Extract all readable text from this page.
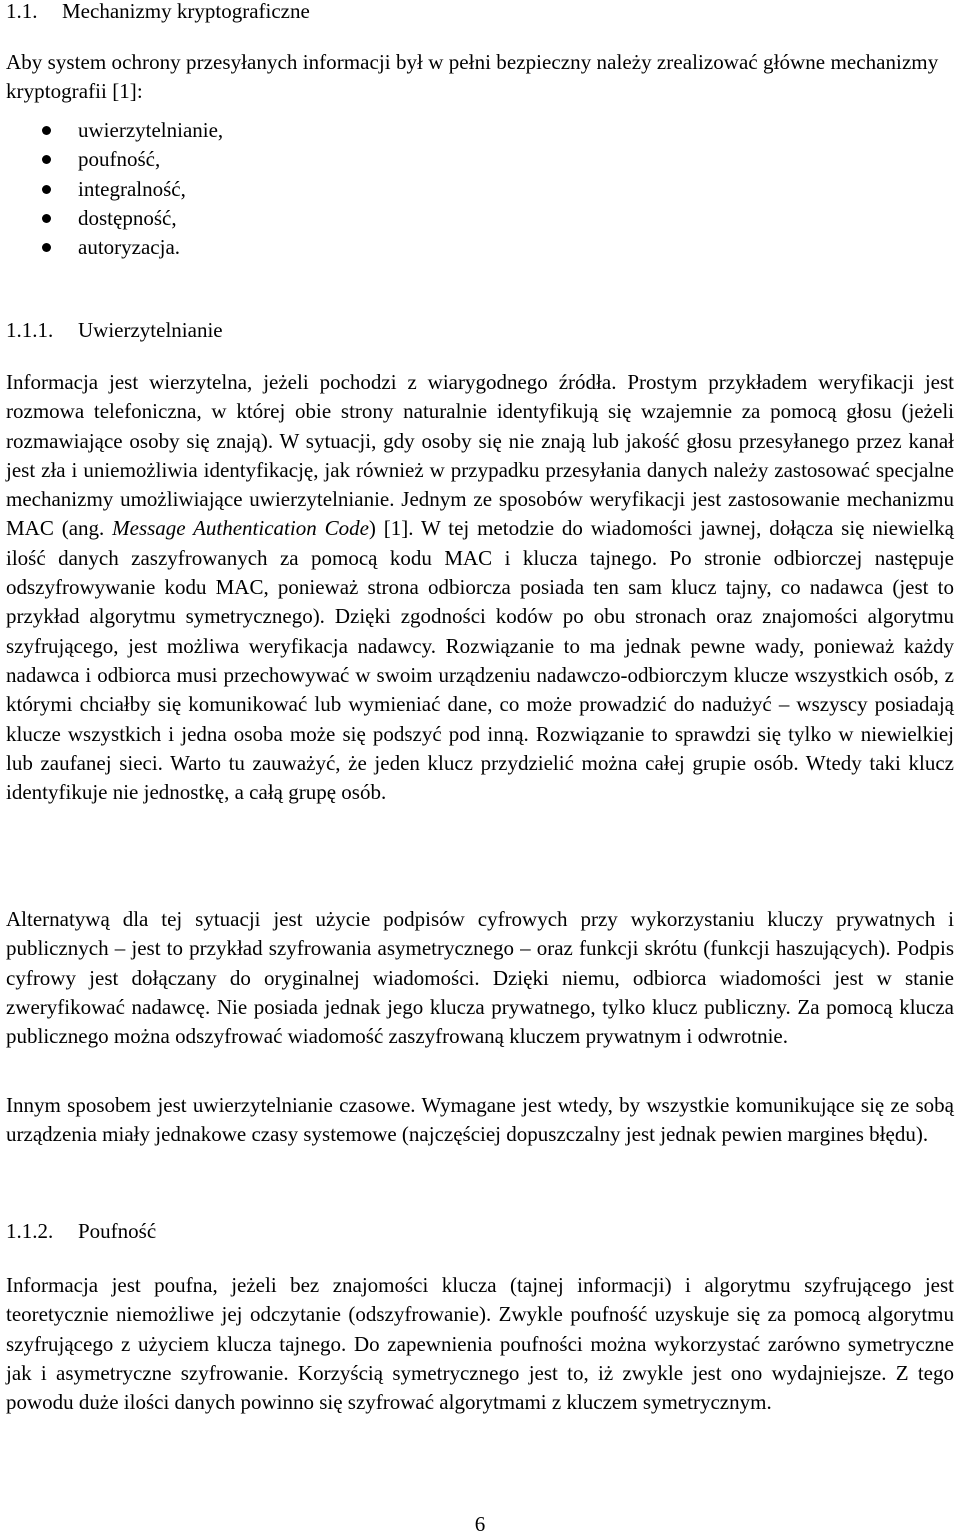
1.1. Mechanizmy kryptograficzne

Aby system ochrony przesyłanych informacji był w pełni bezpieczny należy zrealizować główne mechanizmy kryptografii [1]:

uwierzytelnianie,
poufność,
integralność,
dostępność,
autoryzacja.
1.1.1. Uwierzytelnianie

Informacja jest wierzytelna, jeżeli pochodzi z wiarygodnego źródła. Prostym przykładem weryfikacji jest rozmowa telefoniczna, w której obie strony naturalnie identyfikują się wzajemnie za pomocą głosu (jeżeli rozmawiające osoby się znają). W sytuacji, gdy osoby się nie znają lub jakość głosu przesyłanego przez kanał jest zła i uniemożliwia identyfikację, jak również w przypadku przesyłania danych należy zastosować specjalne mechanizmy umożliwiające uwierzytelnianie. Jednym ze sposobów weryfikacji jest zastosowanie mechanizmu MAC (ang. Message Authentication Code) [1]. W tej metodzie do wiadomości jawnej, dołącza się niewielką ilość danych zaszyfrowanych za pomocą kodu MAC i klucza tajnego. Po stronie odbiorczej następuje odszyfrowywanie kodu MAC, ponieważ strona odbiorcza posiada ten sam klucz tajny, co nadawca (jest to przykład algorytmu symetrycznego). Dzięki zgodności kodów po obu stronach oraz znajomości algorytmu szyfrującego, jest możliwa weryfikacja nadawcy. Rozwiązanie to ma jednak pewne wady, ponieważ każdy nadawca i odbiorca musi przechowywać w swoim urządzeniu nadawczo-odbiorczym klucze wszystkich osób, z którymi chciałby się komunikować lub wymieniać dane, co może prowadzić do nadużyć – wszyscy posiadają klucze wszystkich i jedna osoba może się podszyć pod inną. Rozwiązanie to sprawdzi się tylko w niewielkiej lub zaufanej sieci. Warto tu zauważyć, że jeden klucz przydzielić można całej grupie osób. Wtedy taki klucz identyfikuje nie jednostkę, a całą grupę osób.

Alternatywą dla tej sytuacji jest użycie podpisów cyfrowych przy wykorzystaniu kluczy prywatnych i publicznych – jest to przykład szyfrowania asymetrycznego – oraz funkcji skrótu (funkcji haszujących). Podpis cyfrowy jest dołączany do oryginalnej wiadomości. Dzięki niemu, odbiorca wiadomości jest w stanie zweryfikować nadawcę. Nie posiada jednak jego klucza prywatnego, tylko klucz publiczny. Za pomocą klucza publicznego można odszyfrować wiadomość zaszyfrowaną kluczem prywatnym i odwrotnie.

Innym sposobem jest uwierzytelnianie czasowe. Wymagane jest wtedy, by wszystkie komunikujące się ze sobą urządzenia miały jednakowe czasy systemowe (najczęściej dopuszczalny jest jednak pewien margines błędu).

1.1.2. Poufność

Informacja jest poufna, jeżeli bez znajomości klucza (tajnej informacji) i algorytmu szyfrującego jest teoretycznie niemożliwe jej odczytanie (odszyfrowanie). Zwykle poufność uzyskuje się za pomocą algorytmu szyfrującego z użyciem klucza tajnego. Do zapewnienia poufności można wykorzystać zarówno symetryczne jak i asymetryczne szyfrowanie. Korzyścią symetrycznego jest to, iż zwykle jest ono wydajniejsze. Z tego powodu duże ilości danych powinno się szyfrować algorytmami z kluczem symetrycznym.

6
